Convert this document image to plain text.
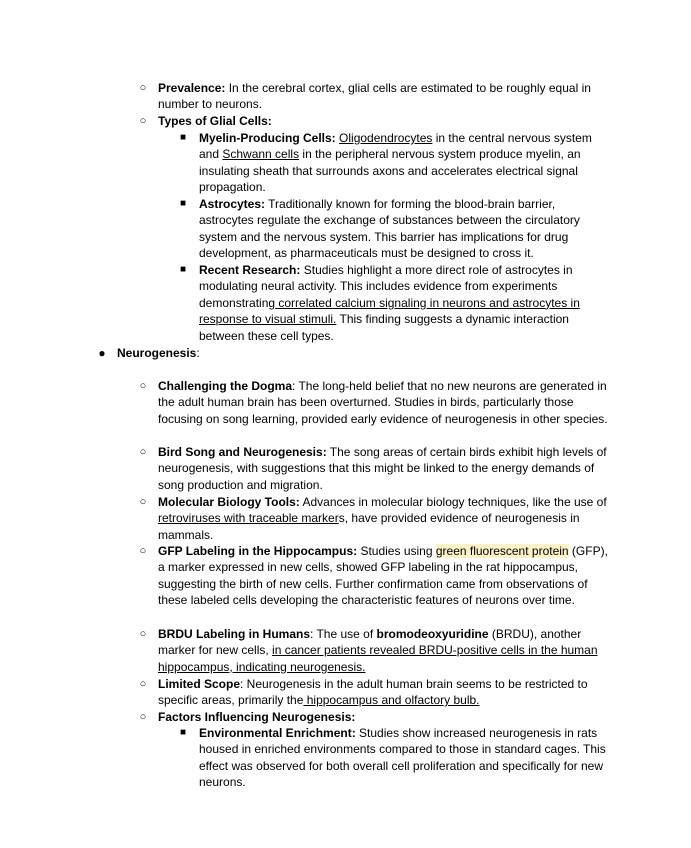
○ Prevalence: In the cerebral cortex, glial cells are estimated to be roughly equal in number to neurons.
○ Types of Glial Cells:
■ Myelin-Producing Cells: Oligodendrocytes in the central nervous system and Schwann cells in the peripheral nervous system produce myelin, an insulating sheath that surrounds axons and accelerates electrical signal propagation.
■ Astrocytes: Traditionally known for forming the blood-brain barrier, astrocytes regulate the exchange of substances between the circulatory system and the nervous system. This barrier has implications for drug development, as pharmaceuticals must be designed to cross it.
■ Recent Research: Studies highlight a more direct role of astrocytes in modulating neural activity. This includes evidence from experiments demonstrating correlated calcium signaling in neurons and astrocytes in response to visual stimuli. This finding suggests a dynamic interaction between these cell types.
● Neurogenesis:
○ Challenging the Dogma: The long-held belief that no new neurons are generated in the adult human brain has been overturned. Studies in birds, particularly those focusing on song learning, provided early evidence of neurogenesis in other species.
○ Bird Song and Neurogenesis: The song areas of certain birds exhibit high levels of neurogenesis, with suggestions that this might be linked to the energy demands of song production and migration.
○ Molecular Biology Tools: Advances in molecular biology techniques, like the use of retroviruses with traceable markers, have provided evidence of neurogenesis in mammals.
○ GFP Labeling in the Hippocampus: Studies using green fluorescent protein (GFP), a marker expressed in new cells, showed GFP labeling in the rat hippocampus, suggesting the birth of new cells. Further confirmation came from observations of these labeled cells developing the characteristic features of neurons over time.
○ BRDU Labeling in Humans: The use of bromodeoxyuridine (BRDU), another marker for new cells, in cancer patients revealed BRDU-positive cells in the human hippocampus, indicating neurogenesis.
○ Limited Scope: Neurogenesis in the adult human brain seems to be restricted to specific areas, primarily the hippocampus and olfactory bulb.
○ Factors Influencing Neurogenesis:
■ Environmental Enrichment: Studies show increased neurogenesis in rats housed in enriched environments compared to those in standard cages. This effect was observed for both overall cell proliferation and specifically for new neurons.
